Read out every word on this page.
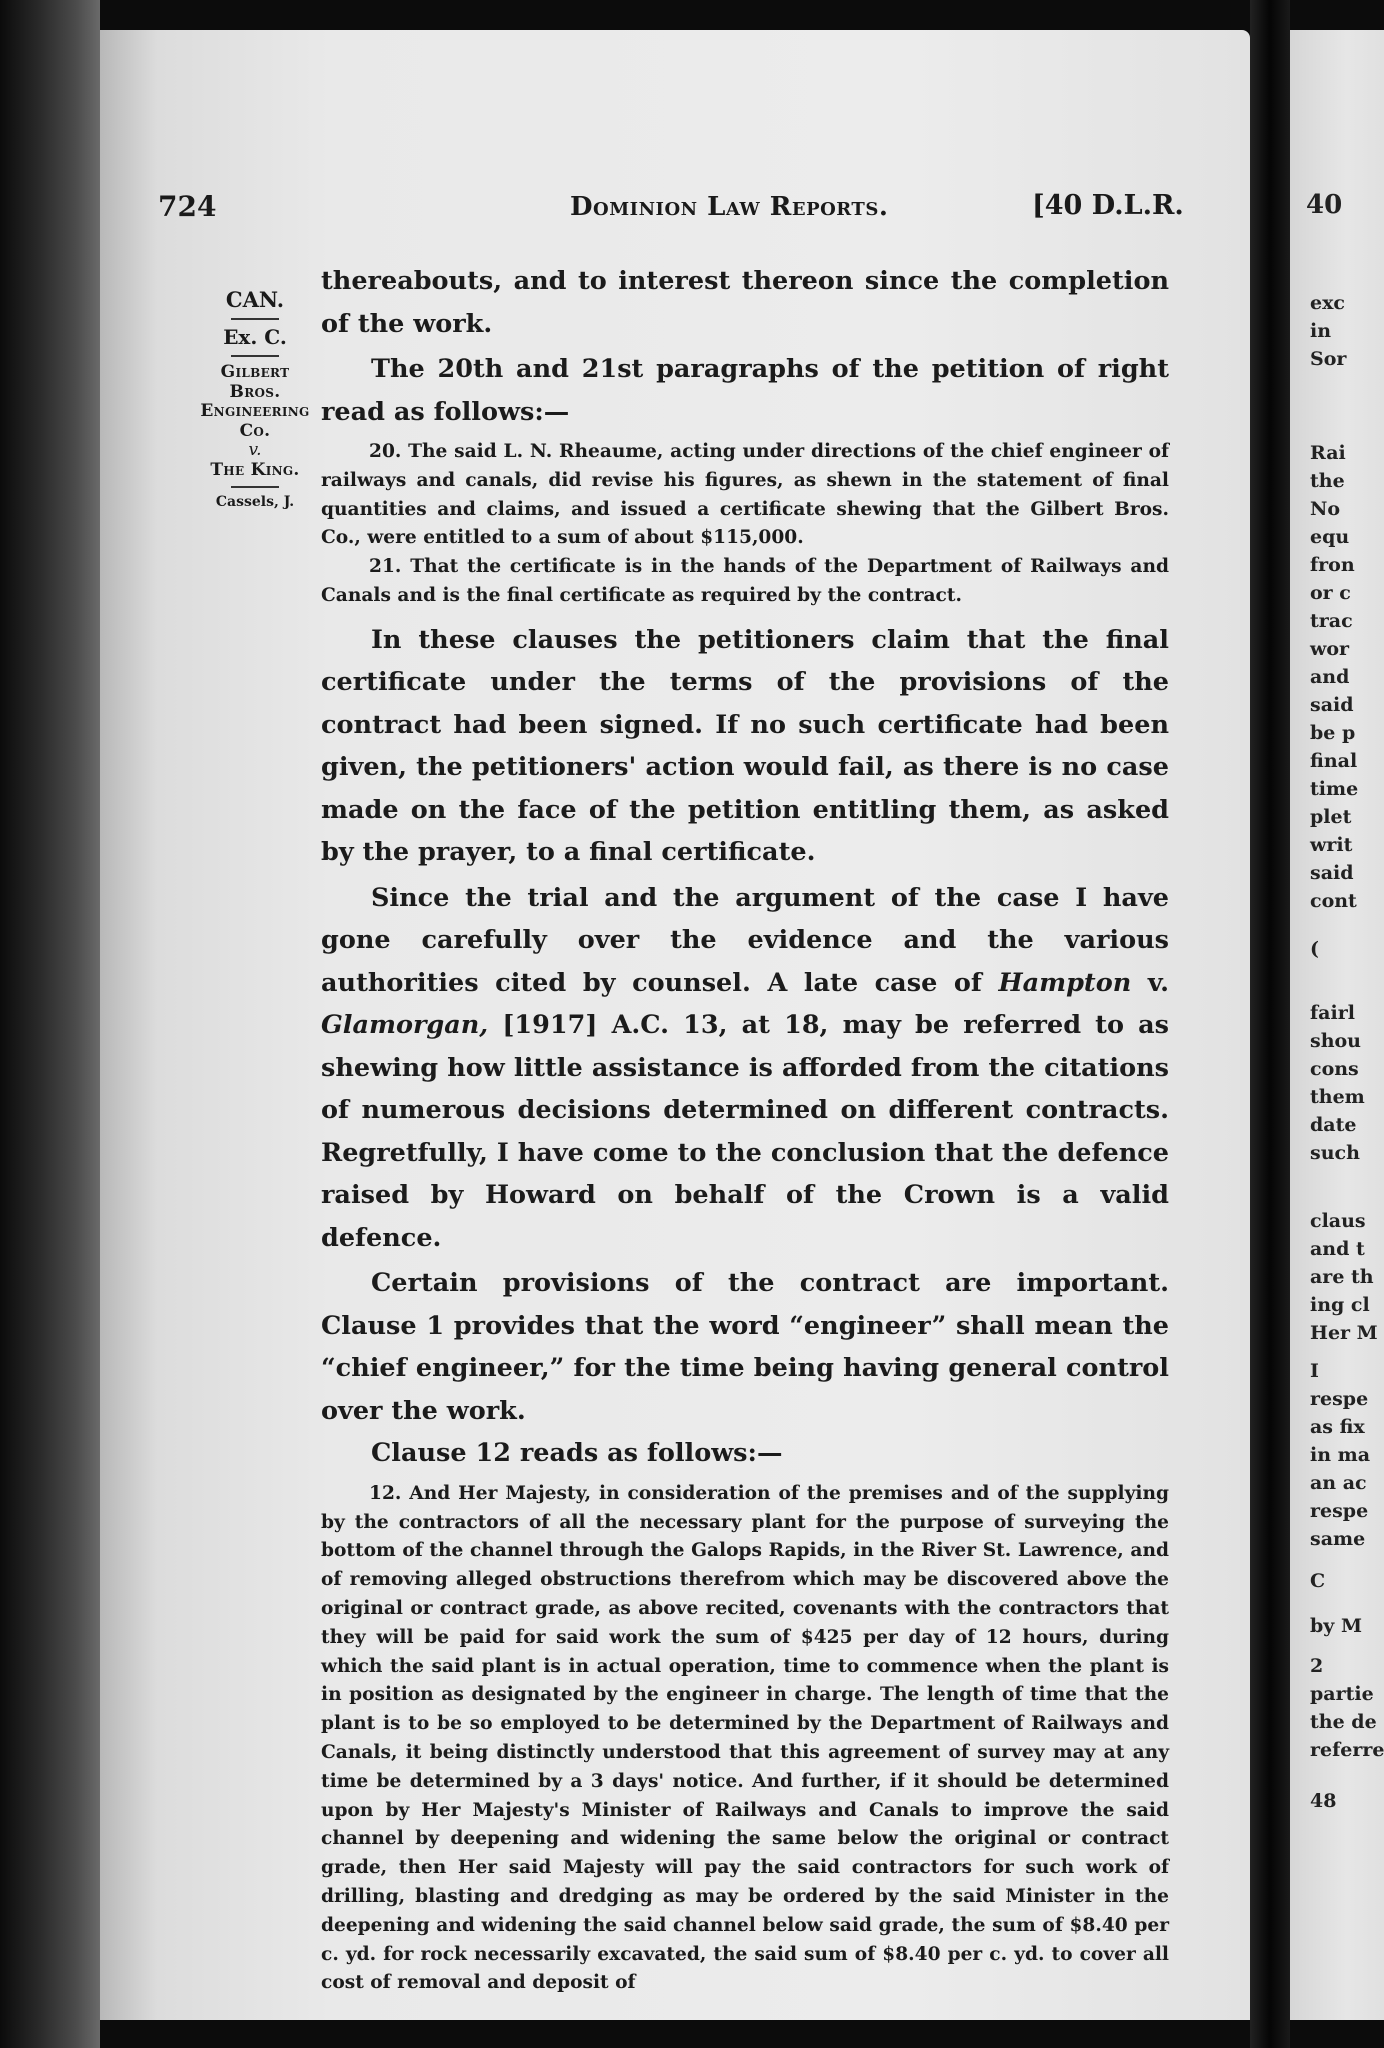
724	Dominion Law Reports.	[40 D.L.R.
CAN.
Ex. C.
Gilbert
Bros.
Engineering
Co.
v.
The King.
Cassels, J.
40
exc
in
Sor
Rai
the
No
equ
fron
or c
trac
wor
and
said
be p
final
time
plet
writ
said
cont
(
fairl
shou
cons
them
date
such
claus
and t
are th
ing cl
Her M
I
respe
as fix
in ma
an ac
respe
same
C
by M
2
partie
the de
referre
48

thereabouts, and to interest thereon since the completion of the work.

The 20th and 21st paragraphs of the petition of right read as follows:—

20. The said L. N. Rheaume, acting under directions of the chief engineer of railways and canals, did revise his figures, as shewn in the statement of final quantities and claims, and issued a certificate shewing that the Gilbert Bros. Co., were entitled to a sum of about $115,000.

21. That the certificate is in the hands of the Department of Railways and Canals and is the final certificate as required by the contract.

In these clauses the petitioners claim that the final certificate under the terms of the provisions of the contract had been signed. If no such certificate had been given, the petitioners' action would fail, as there is no case made on the face of the petition entitling them, as asked by the prayer, to a final certificate.

Since the trial and the argument of the case I have gone carefully over the evidence and the various authorities cited by counsel. A late case of Hampton v. Glamorgan, [1917] A.C. 13, at 18, may be referred to as shewing how little assistance is afforded from the citations of numerous decisions determined on different contracts. Regretfully, I have come to the conclusion that the defence raised by Howard on behalf of the Crown is a valid defence.

Certain provisions of the contract are important. Clause 1 provides that the word “engineer” shall mean the “chief engineer,” for the time being having general control over the work.

Clause 12 reads as follows:—

12. And Her Majesty, in consideration of the premises and of the supplying by the contractors of all the necessary plant for the purpose of surveying the bottom of the channel through the Galops Rapids, in the River St. Lawrence, and of removing alleged obstructions therefrom which may be discovered above the original or contract grade, as above recited, covenants with the contractors that they will be paid for said work the sum of $425 per day of 12 hours, during which the said plant is in actual operation, time to commence when the plant is in position as designated by the engineer in charge. The length of time that the plant is to be so employed to be determined by the Department of Railways and Canals, it being distinctly understood that this agreement of survey may at any time be determined by a 3 days' notice. And further, if it should be determined upon by Her Majesty's Minister of Railways and Canals to improve the said channel by deepening and widening the same below the original or contract grade, then Her said Majesty will pay the said contractors for such work of drilling, blasting and dredging as may be ordered by the said Minister in the deepening and widening the said channel below said grade, the sum of $8.40 per c. yd. for rock necessarily excavated, the said sum of $8.40 per c. yd. to cover all cost of removal and deposit of
